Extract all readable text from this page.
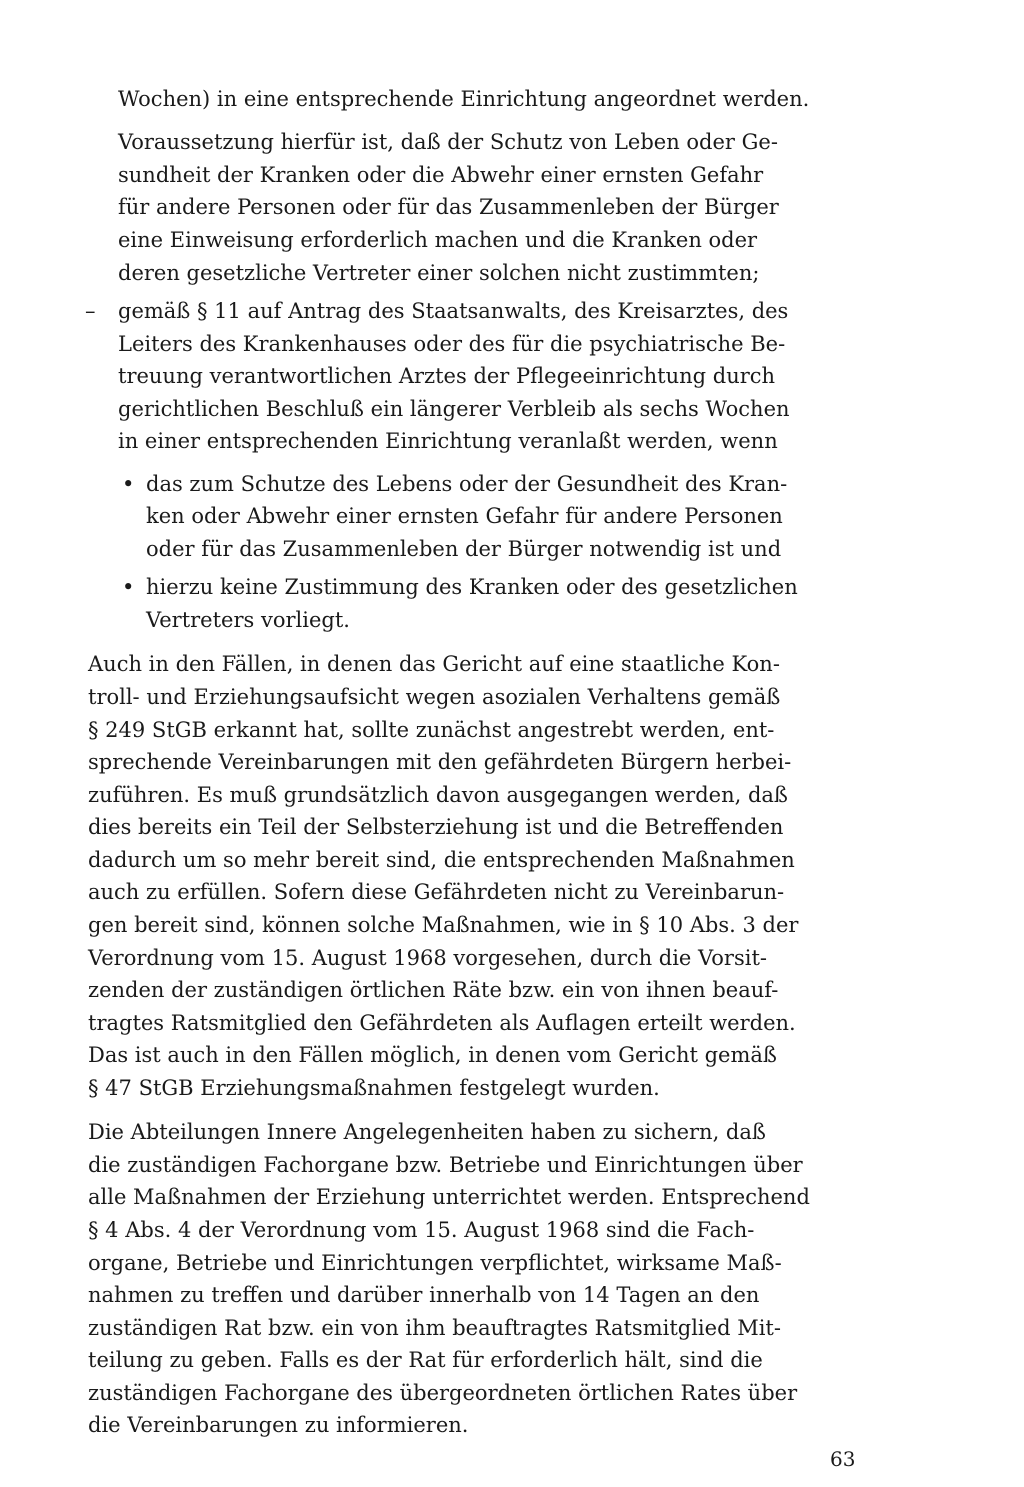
Wochen) in eine entsprechende Einrichtung angeordnet werden.
Voraussetzung hierfür ist, daß der Schutz von Leben oder Ge-
sundheit der Kranken oder die Abwehr einer ernsten Gefahr
für andere Personen oder für das Zusammenleben der Bürger
eine Einweisung erforderlich machen und die Kranken oder
deren gesetzliche Vertreter einer solchen nicht zustimmten;
– gemäß § 11 auf Antrag des Staatsanwalts, des Kreisarztes, des
Leiters des Krankenhauses oder des für die psychiatrische Be-
treuung verantwortlichen Arztes der Pflegeeinrichtung durch
gerichtlichen Beschluß ein längerer Verbleib als sechs Wochen
in einer entsprechenden Einrichtung veranlaßt werden, wenn
• das zum Schutze des Lebens oder der Gesundheit des Kran-
ken oder Abwehr einer ernsten Gefahr für andere Personen
oder für das Zusammenleben der Bürger notwendig ist und
• hierzu keine Zustimmung des Kranken oder des gesetzlichen
Vertreters vorliegt.
Auch in den Fällen, in denen das Gericht auf eine staatliche Kon-
troll- und Erziehungsaufsicht wegen asozialen Verhaltens gemäß
§ 249 StGB erkannt hat, sollte zunächst angestrebt werden, ent-
sprechende Vereinbarungen mit den gefährdeten Bürgern herbei-
zuführen. Es muß grundsätzlich davon ausgegangen werden, daß
dies bereits ein Teil der Selbsterziehung ist und die Betreffenden
dadurch um so mehr bereit sind, die entsprechenden Maßnahmen
auch zu erfüllen. Sofern diese Gefährdeten nicht zu Vereinbarun-
gen bereit sind, können solche Maßnahmen, wie in § 10 Abs. 3 der
Verordnung vom 15. August 1968 vorgesehen, durch die Vorsit-
zenden der zuständigen örtlichen Räte bzw. ein von ihnen beauf-
tragtes Ratsmitglied den Gefährdeten als Auflagen erteilt werden.
Das ist auch in den Fällen möglich, in denen vom Gericht gemäß
§ 47 StGB Erziehungsmaßnahmen festgelegt wurden.
Die Abteilungen Innere Angelegenheiten haben zu sichern, daß
die zuständigen Fachorgane bzw. Betriebe und Einrichtungen über
alle Maßnahmen der Erziehung unterrichtet werden. Entsprechend
§ 4 Abs. 4 der Verordnung vom 15. August 1968 sind die Fach-
organe, Betriebe und Einrichtungen verpflichtet, wirksame Maß-
nahmen zu treffen und darüber innerhalb von 14 Tagen an den
zuständigen Rat bzw. ein von ihm beauftragtes Ratsmitglied Mit-
teilung zu geben. Falls es der Rat für erforderlich hält, sind die
zuständigen Fachorgane des übergeordneten örtlichen Rates über
die Vereinbarungen zu informieren.
63
